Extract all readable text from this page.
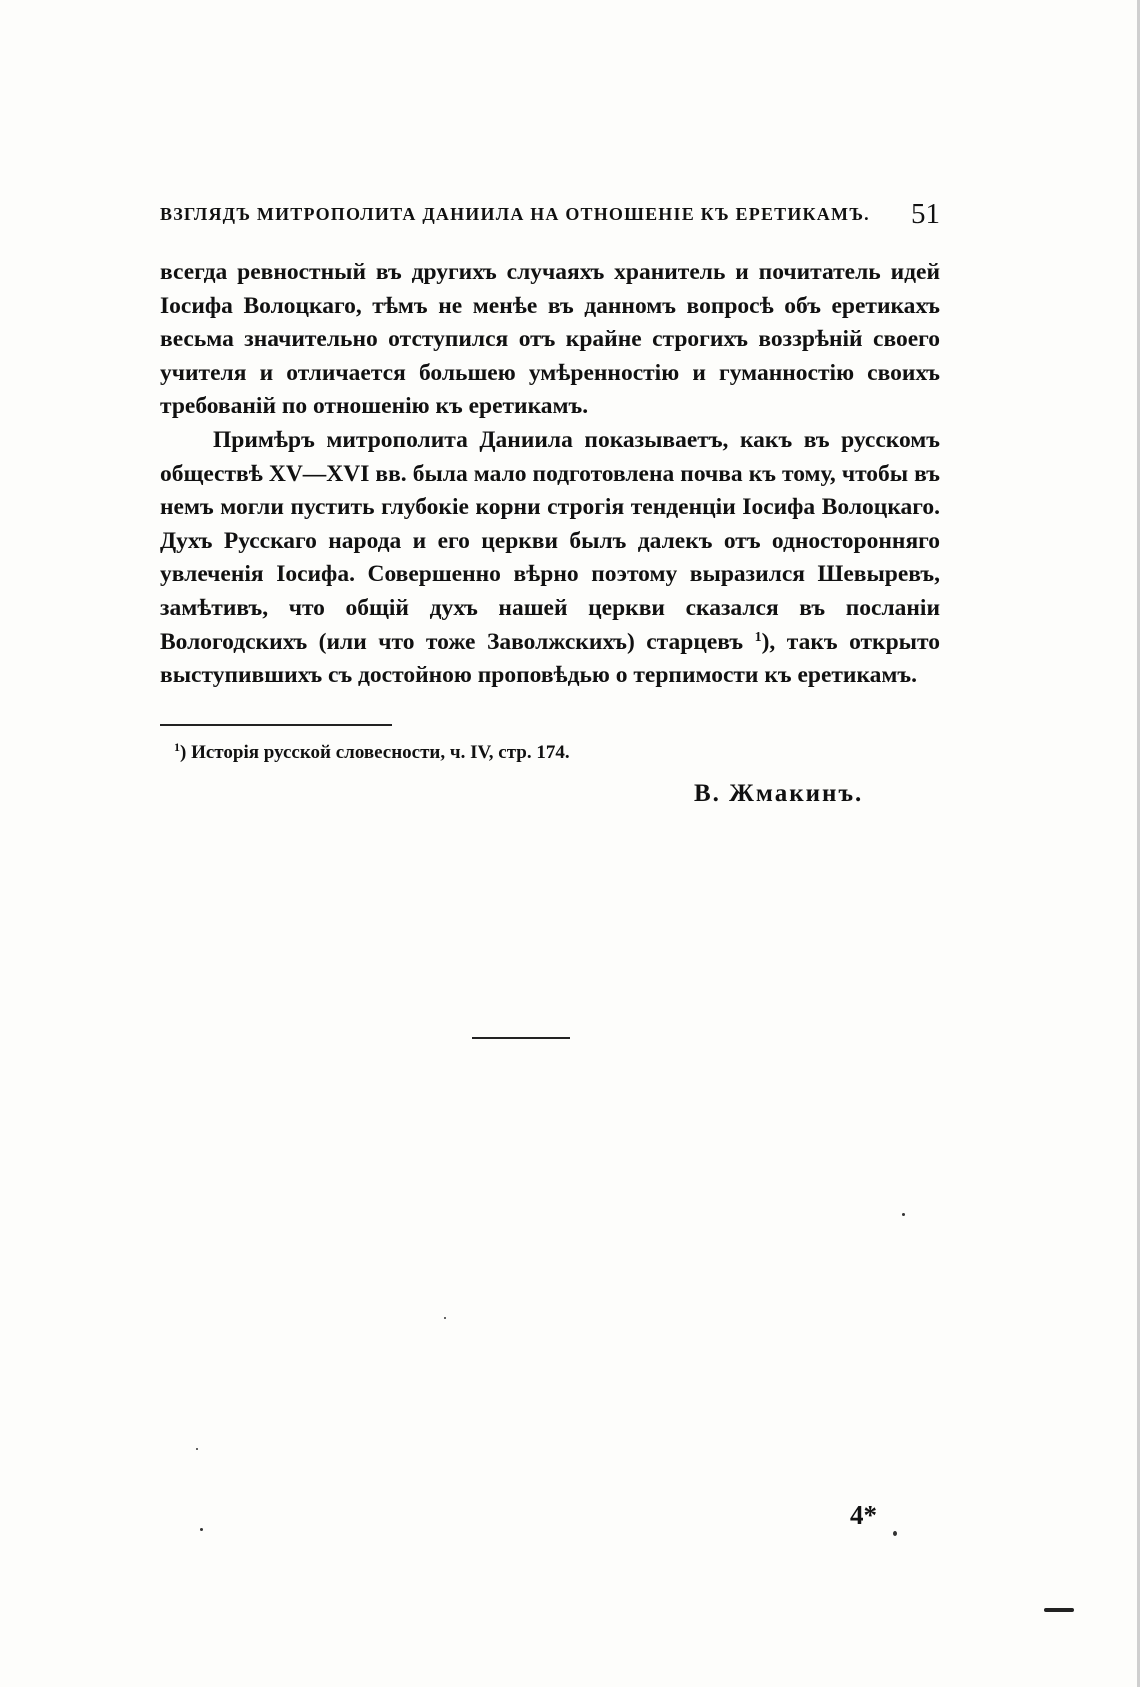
ВЗГЛЯДЪ МИТРОПОЛИТА ДАНИИЛА НА ОТНОШЕНІЕ КЪ ЕРЕТИКАМЪ. 51

всегда ревностный въ другихъ случаяхъ хранитель и почитатель идей Іосифа Волоцкаго, тѣмъ не менѣе въ данномъ вопросѣ объ еретикахъ весьма значительно отступился отъ крайне строгихъ воззрѣній своего учителя и отличается большею умѣренностію и гуманностію своихъ требованій по отношенію къ еретикамъ.

Примѣръ митрополита Даниила показываетъ, какъ въ русскомъ обществѣ XV—XVI вв. была мало подготовлена почва къ тому, чтобы въ немъ могли пустить глубокіе корни строгія тенденціи Іосифа Волоцкаго. Духъ Русскаго народа и его церкви былъ далекъ отъ односторонняго увлеченія Іосифа. Совершенно вѣрно поэтому выразился Шевыревъ, замѣтивъ, что общій духъ нашей церкви сказался въ посланіи Вологодскихъ (или что тоже Заволжскихъ) старцевъ $^1$), такъ открыто выступившихъ съ достойною проповѣдью о терпимости къ еретикамъ.

$^1$) Исторія русской словесности, ч. IV, стр. 174.
В. Жмакинъ.
4*
